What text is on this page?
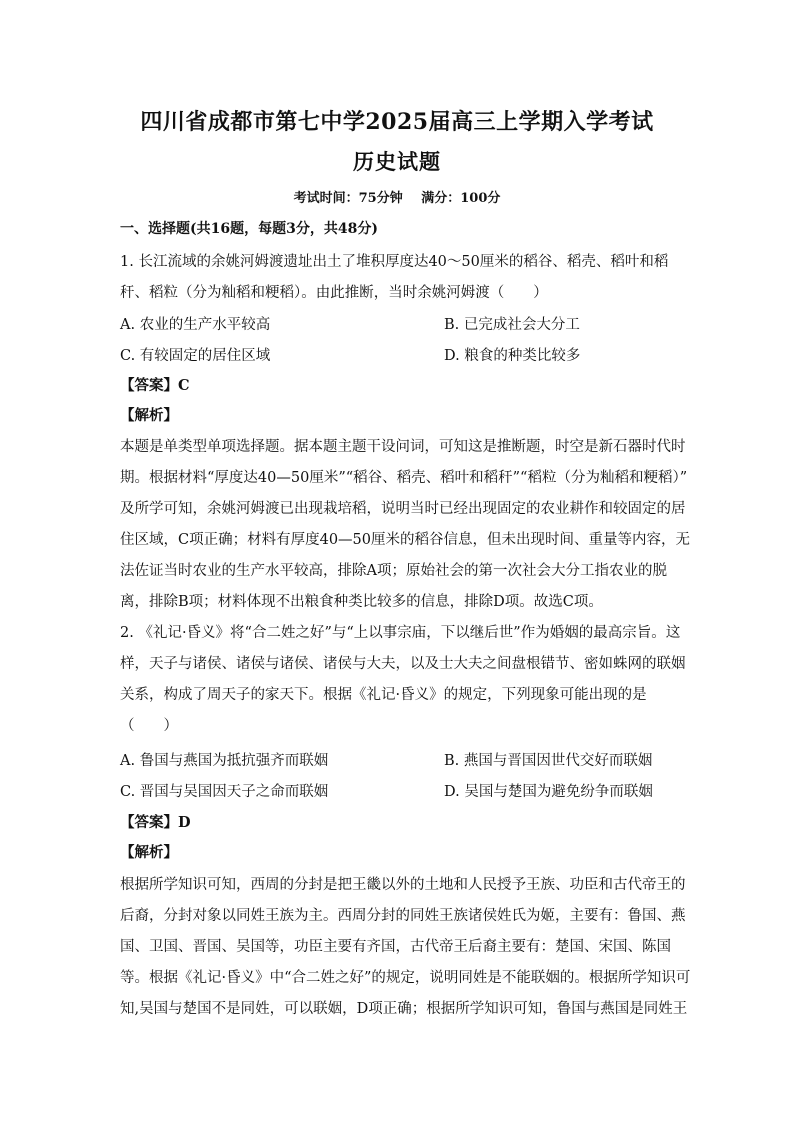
四川省成都市第七中学2025届高三上学期入学考试
历史试题
考试时间：75分钟 满分：100分
一、选择题(共16题，每题3分，共48分)
1. 长江流域的余姚河姆渡遗址出土了堆积厚度达40～50厘米的稻谷、稻壳、稻叶和稻
秆、稻粒（分为籼稻和粳稻）。由此推断，当时余姚河姆渡（　　）
A. 农业的生产水平较高	B. 已完成社会大分工
C. 有较固定的居住区域	D. 粮食的种类比较多
【答案】C
【解析】
本题是单类型单项选择题。据本题主题干设问词，可知这是推断题，时空是新石器时代时
期。根据材料“厚度达40—50厘米”“稻谷、稻壳、稻叶和稻秆”“稻粒（分为籼稻和粳稻）”
及所学可知，余姚河姆渡已出现栽培稻，说明当时已经出现固定的农业耕作和较固定的居
住区域，C项正确；材料有厚度40—50厘米的稻谷信息，但未出现时间、重量等内容，无
法佐证当时农业的生产水平较高，排除A项；原始社会的第一次社会大分工指农业的脱
离，排除B项；材料体现不出粮食种类比较多的信息，排除D项。故选C项。
2. 《礼记·昏义》将“合二姓之好”与“上以事宗庙，下以继后世”作为婚姻的最高宗旨。这
样，天子与诸侯、诸侯与诸侯、诸侯与大夫，以及士大夫之间盘根错节、密如蛛网的联姻
关系，构成了周天子的家天下。根据《礼记·昏义》的规定，下列现象可能出现的是
（　　）
A. 鲁国与燕国为抵抗强齐而联姻	B. 燕国与晋国因世代交好而联姻
C. 晋国与吴国因天子之命而联姻	D. 吴国与楚国为避免纷争而联姻
【答案】D
【解析】
根据所学知识可知，西周的分封是把王畿以外的土地和人民授予王族、功臣和古代帝王的
后裔，分封对象以同姓王族为主。西周分封的同姓王族诸侯姓氏为姬，主要有：鲁国、燕
国、卫国、晋国、吴国等，功臣主要有齐国，古代帝王后裔主要有：楚国、宋国、陈国
等。根据《礼记·昏义》中“合二姓之好”的规定，说明同姓是不能联姻的。根据所学知识可
知,吴国与楚国不是同姓，可以联姻，D项正确；根据所学知识可知，鲁国与燕国是同姓王
